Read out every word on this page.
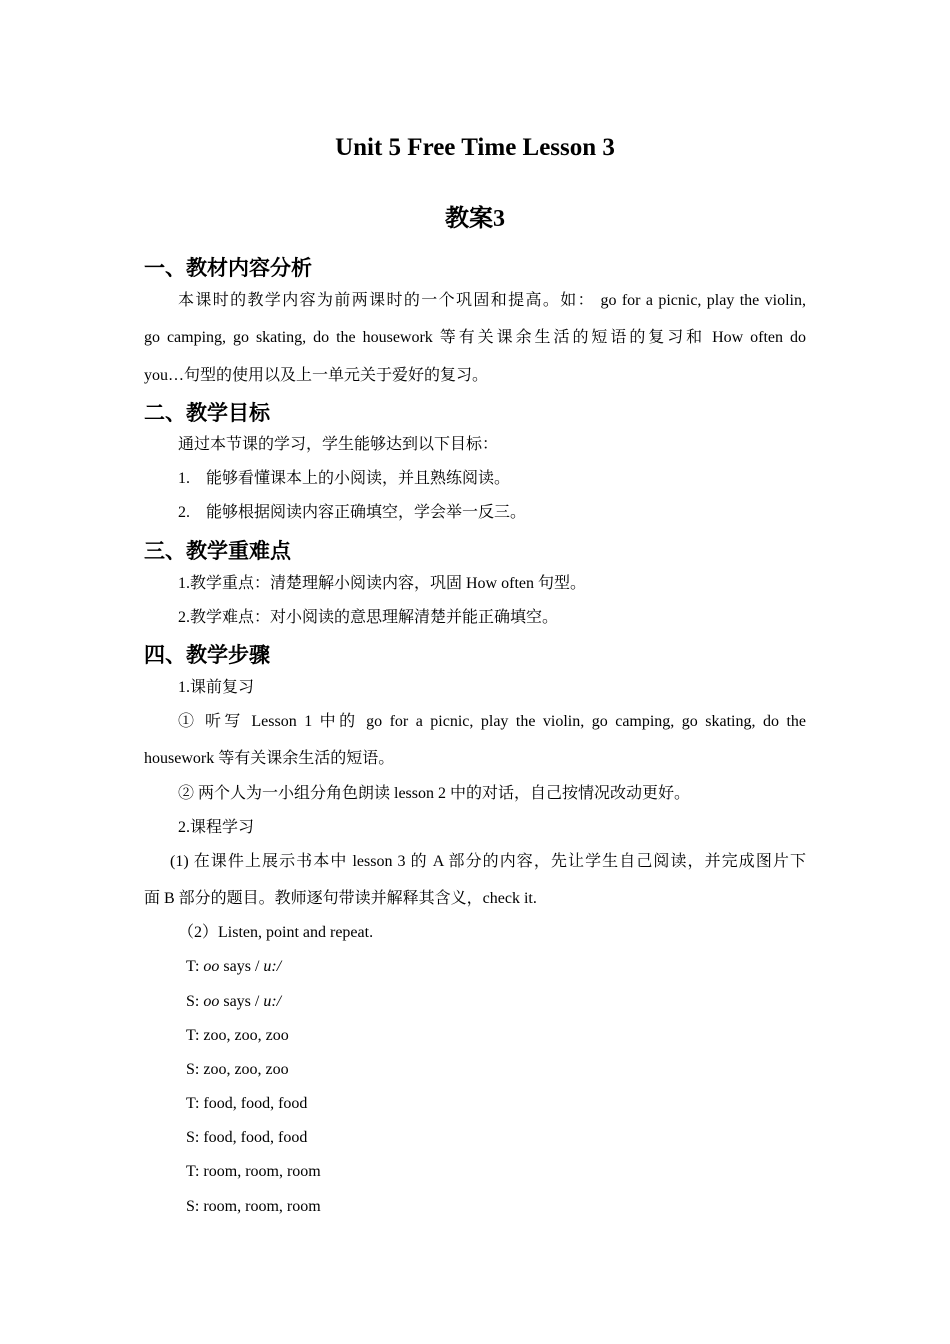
Unit 5 Free Time Lesson 3
教案3
一、教材内容分析
本课时的教学内容为前两课时的一个巩固和提高。如： go for a picnic, play the violin,
go camping, go skating, do the housework 等有关课余生活的短语的复习和 How often do
you…句型的使用以及上一单元关于爱好的复习。
二、教学目标
通过本节课的学习，学生能够达到以下目标：
1. 能够看懂课本上的小阅读，并且熟练阅读。
2. 能够根据阅读内容正确填空，学会举一反三。
三、教学重难点
1.教学重点：清楚理解小阅读内容，巩固 How often 句型。
2.教学难点：对小阅读的意思理解清楚并能正确填空。
四、教学步骤
1.课前复习
① 听写 Lesson 1 中的 go for a picnic, play the violin, go camping, go skating, do the
housework 等有关课余生活的短语。
② 两个人为一小组分角色朗读 lesson 2 中的对话，自己按情况改动更好。
2.课程学习
(1) 在课件上展示书本中 lesson 3 的 A 部分的内容，先让学生自己阅读，并完成图片下
面 B 部分的题目。教师逐句带读并解释其含义，check it.
（2）Listen, point and repeat.
T: oo says / u:/
S: oo says / u:/
T: zoo, zoo, zoo
S: zoo, zoo, zoo
T: food, food, food
S: food, food, food
T: room, room, room
S: room, room, room
